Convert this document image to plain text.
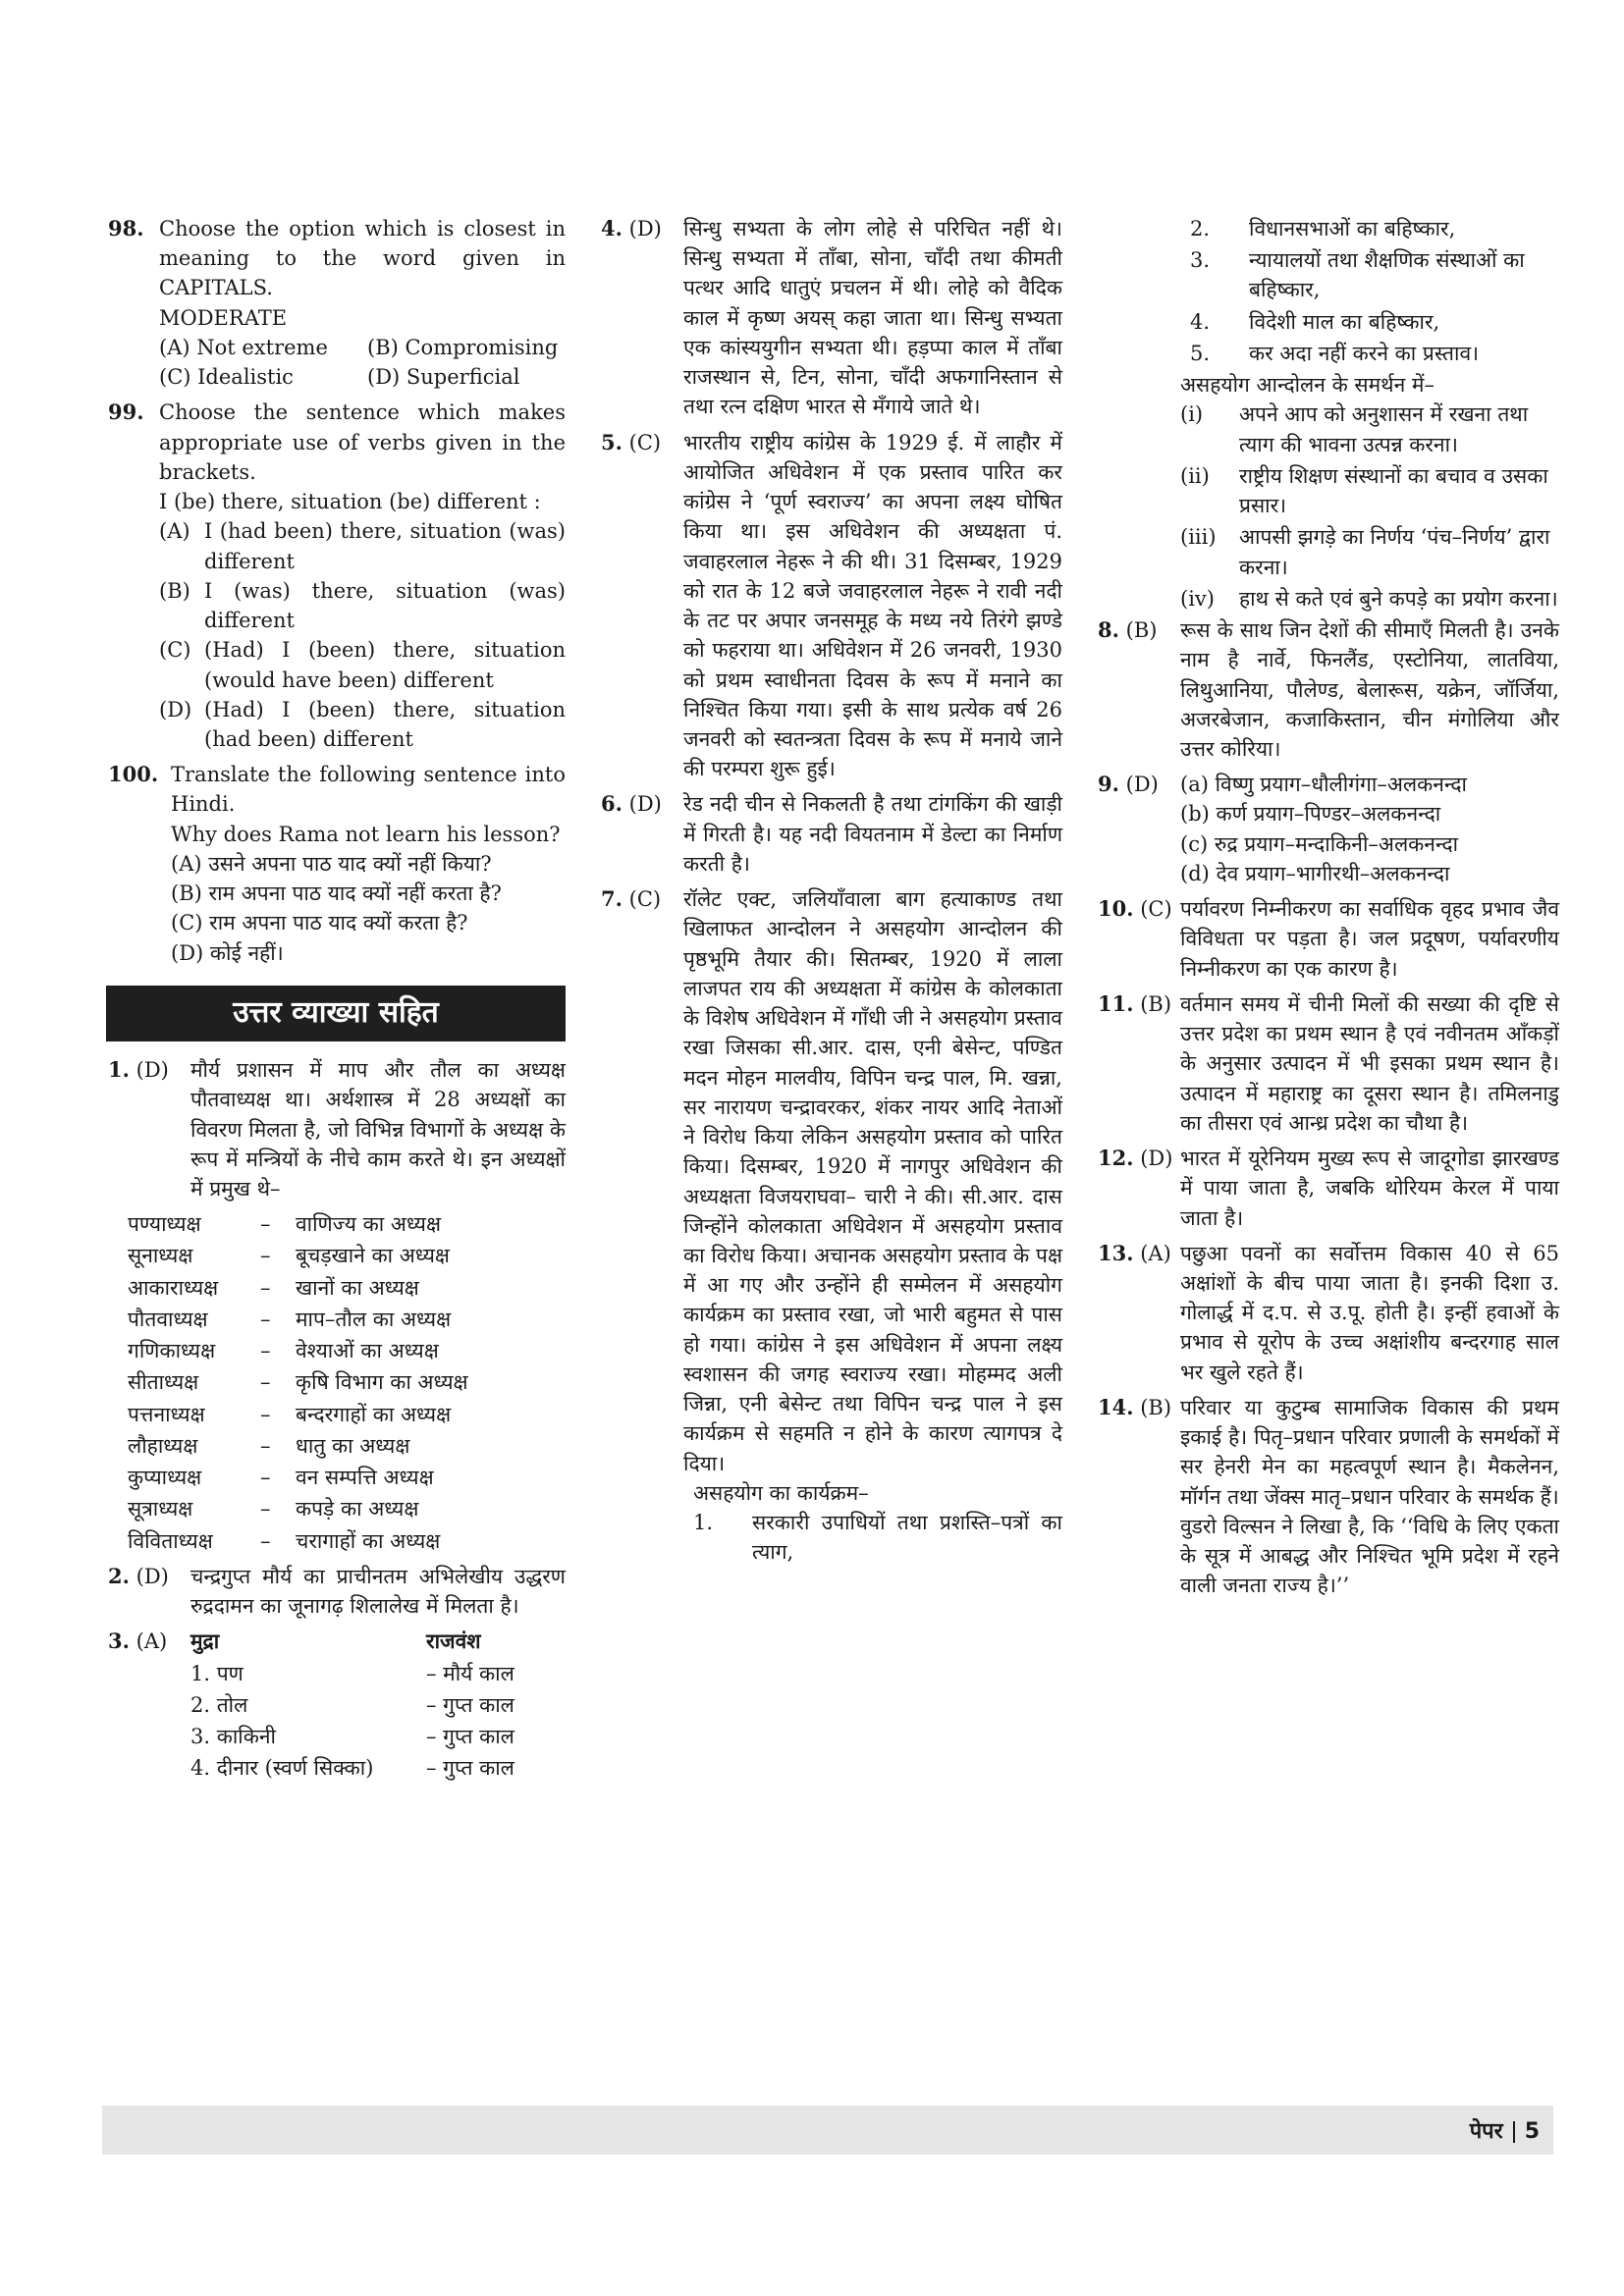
98. Choose the option which is closest in meaning to the word given in CAPITALS.

MODERATE

(A) Not extreme	(B) Compromising
(C) Idealistic	(D) Superficial
99. Choose the sentence which makes appropriate use of verbs given in the brackets.

I (be) there, situation (be) different :

(A) I (had been) there, situation (was) different
(B) I (was) there, situation (was) different
(C) (Had) I (been) there, situation (would have been) different
(D) (Had) I (been) there, situation (had been) different
100. Translate the following sentence into Hindi.

Why does Rama not learn his lesson?

(A) उसने अपना पाठ याद क्यों नहीं किया?

(B) राम अपना पाठ याद क्यों नहीं करता है?

(C) राम अपना पाठ याद क्यों करता है?

(D) कोई नहीं।

उत्तर व्याख्या सहित
1. (D)	मौर्य प्रशासन में माप और तौल का अध्यक्ष पौतवाध्यक्ष था। अर्थशास्त्र में 28 अध्यक्षों का विवरण मिलता है, जो विभिन्न विभागों के अध्यक्ष के रूप में मन्त्रियों के नीचे काम करते थे। इन अध्यक्षों में प्रमुख थे–

पण्याध्यक्ष	–	वाणिज्य का अध्यक्ष
सूनाध्यक्ष	–	बूचड़खाने का अध्यक्ष
आकाराध्यक्ष	–	खानों का अध्यक्ष
पौतवाध्यक्ष	–	माप–तौल का अध्यक्ष
गणिकाध्यक्ष	–	वेश्याओं का अध्यक्ष
सीताध्यक्ष	–	कृषि विभाग का अध्यक्ष
पत्तनाध्यक्ष	–	बन्दरगाहों का अध्यक्ष
लौहाध्यक्ष	–	धातु का अध्यक्ष
कुप्याध्यक्ष	–	वन सम्पत्ति अध्यक्ष
सूत्राध्यक्ष	–	कपड़े का अध्यक्ष
विविताध्यक्ष	–	चरागाहों का अध्यक्ष
2. (D)	चन्द्रगुप्त मौर्य का प्राचीनतम अभिलेखीय उद्धरण रुद्रदामन का जूनागढ़ शिलालेख में मिलता है।

3. (A)	मुद्रा	राजवंश
1. पण	– मौर्य काल
2. तोल	– गुप्त काल
3. काकिनी	– गुप्त काल
4. दीनार (स्वर्ण सिक्का)	– गुप्त काल
4. (D)	सिन्धु सभ्यता के लोग लोहे से परिचित नहीं थे। सिन्धु सभ्यता में ताँबा, सोना, चाँदी तथा कीमती पत्थर आदि धातुएं प्रचलन में थी। लोहे को वैदिक काल में कृष्ण अयस् कहा जाता था। सिन्धु सभ्यता एक कांस्ययुगीन सभ्यता थी। हड़प्पा काल में ताँबा राजस्थान से, टिन, सोना, चाँदी अफगानिस्तान से तथा रत्न दक्षिण भारत से मँगाये जाते थे।

5. (C)	भारतीय राष्ट्रीय कांग्रेस के 1929 ई. में लाहौर में आयोजित अधिवेशन में एक प्रस्ताव पारित कर कांग्रेस ने ‘पूर्ण स्वराज्य’ का अपना लक्ष्य घोषित किया था। इस अधिवेशन की अध्यक्षता पं. जवाहरलाल नेहरू ने की थी। 31 दिसम्बर, 1929 को रात के 12 बजे जवाहरलाल नेहरू ने रावी नदी के तट पर अपार जनसमूह के मध्य नये तिरंगे झण्डे को फहराया था। अधिवेशन में 26 जनवरी, 1930 को प्रथम स्वाधीनता दिवस के रूप में मनाने का निश्चित किया गया। इसी के साथ प्रत्येक वर्ष 26 जनवरी को स्वतन्त्रता दिवस के रूप में मनाये जाने की परम्परा शुरू हुई।

6. (D)	रेड नदी चीन से निकलती है तथा टांगकिंग की खाड़ी में गिरती है। यह नदी वियतनाम में डेल्टा का निर्माण करती है।

7. (C)	रॉलेट एक्ट, जलियाँवाला बाग हत्याकाण्ड तथा खिलाफत आन्दोलन ने असहयोग आन्दोलन की पृष्ठभूमि तैयार की। सितम्बर, 1920 में लाला लाजपत राय की अध्यक्षता में कांग्रेस के कोलकाता के विशेष अधिवेशन में गाँधी जी ने असहयोग प्रस्ताव रखा जिसका सी.आर. दास, एनी बेसेन्ट, पण्डित मदन मोहन मालवीय, विपिन चन्द्र पाल, मि. खन्ना, सर नारायण चन्द्रावरकर, शंकर नायर आदि नेताओं ने विरोध किया लेकिन असहयोग प्रस्ताव को पारित किया। दिसम्बर, 1920 में नागपुर अधिवेशन की अध्यक्षता विजयराघवा– चारी ने की। सी.आर. दास जिन्होंने कोलकाता अधिवेशन में असहयोग प्रस्ताव का विरोध किया। अचानक असहयोग प्रस्ताव के पक्ष में आ गए और उन्होंने ही सम्मेलन में असहयोग कार्यक्रम का प्रस्ताव रखा, जो भारी बहुमत से पास हो गया। कांग्रेस ने इस अधिवेशन में अपना लक्ष्य स्वशासन की जगह स्वराज्य रखा। मोहम्मद अली जिन्ना, एनी बेसेन्ट तथा विपिन चन्द्र पाल ने इस कार्यक्रम से सहमति न होने के कारण त्यागपत्र दे दिया।

असहयोग का कार्यक्रम–

1.	सरकारी उपाधियों तथा प्रशस्ति–पत्रों का त्याग,
2.	विधानसभाओं का बहिष्कार,
3.	न्यायालयों तथा शैक्षणिक संस्थाओं का बहिष्कार,
4.	विदेशी माल का बहिष्कार,
5.	कर अदा नहीं करने का प्रस्ताव।

असहयोग आन्दोलन के समर्थन में–

(i)	अपने आप को अनुशासन में रखना तथा त्याग की भावना उत्पन्न करना।
(ii)	राष्ट्रीय शिक्षण संस्थानों का बचाव व उसका प्रसार।
(iii)	आपसी झगड़े का निर्णय ‘पंच–निर्णय’ द्वारा करना।
(iv)	हाथ से कते एवं बुने कपड़े का प्रयोग करना।
8. (B)	रूस के साथ जिन देशों की सीमाएँ मिलती है। उनके नाम है नार्वे, फिनलैंड, एस्टोनिया, लातविया, लिथुआनिया, पौलेण्ड, बेलारूस, यक्रेन, जॉर्जिया, अजरबेजान, कजाकिस्तान, चीन मंगोलिया और उत्तर कोरिया।

9. (D)	(a) विष्णु प्रयाग–धौलीगंगा–अलकनन्दा

(b) कर्ण प्रयाग–पिण्डर–अलकनन्दा

(c) रुद्र प्रयाग–मन्दाकिनी–अलकनन्दा

(d) देव प्रयाग–भागीरथी–अलकनन्दा

10. (C) पर्यावरण निम्नीकरण का सर्वाधिक वृहद प्रभाव जैव विविधता पर पड़ता है। जल प्रदूषण, पर्यावरणीय निम्नीकरण का एक कारण है।

11. (B) वर्तमान समय में चीनी मिलों की सख्या की दृष्टि से उत्तर प्रदेश का प्रथम स्थान है एवं नवीनतम आँकड़ों के अनुसार उत्पादन में भी इसका प्रथम स्थान है। उत्पादन में महाराष्ट्र का दूसरा स्थान है। तमिलनाडु का तीसरा एवं आन्ध्र प्रदेश का चौथा है।

12. (D) भारत में यूरेनियम मुख्य रूप से जादूगोडा झारखण्ड में पाया जाता है, जबकि थोरियम केरल में पाया जाता है।

13. (A) पछुआ पवनों का सर्वोत्तम विकास 40 से 65 अक्षांशों के बीच पाया जाता है। इनकी दिशा उ. गोलार्द्ध में द.प. से उ.पू. होती है। इन्हीं हवाओं के प्रभाव से यूरोप के उच्च अक्षांशीय बन्दरगाह साल भर खुले रहते हैं।

14. (B) परिवार या कुटुम्ब सामाजिक विकास की प्रथम इकाई है। पितृ–प्रधान परिवार प्रणाली के समर्थकों में सर हेनरी मेन का महत्वपूर्ण स्थान है। मैकलेनन, मॉर्गन तथा जेंक्स मातृ–प्रधान परिवार के समर्थक हैं।

वुडरो विल्सन ने लिखा है, कि ‘‘विधि के लिए एकता के सूत्र में आबद्ध और निश्चित भूमि प्रदेश में रहने वाली जनता राज्य है।’’

पेपर 5
